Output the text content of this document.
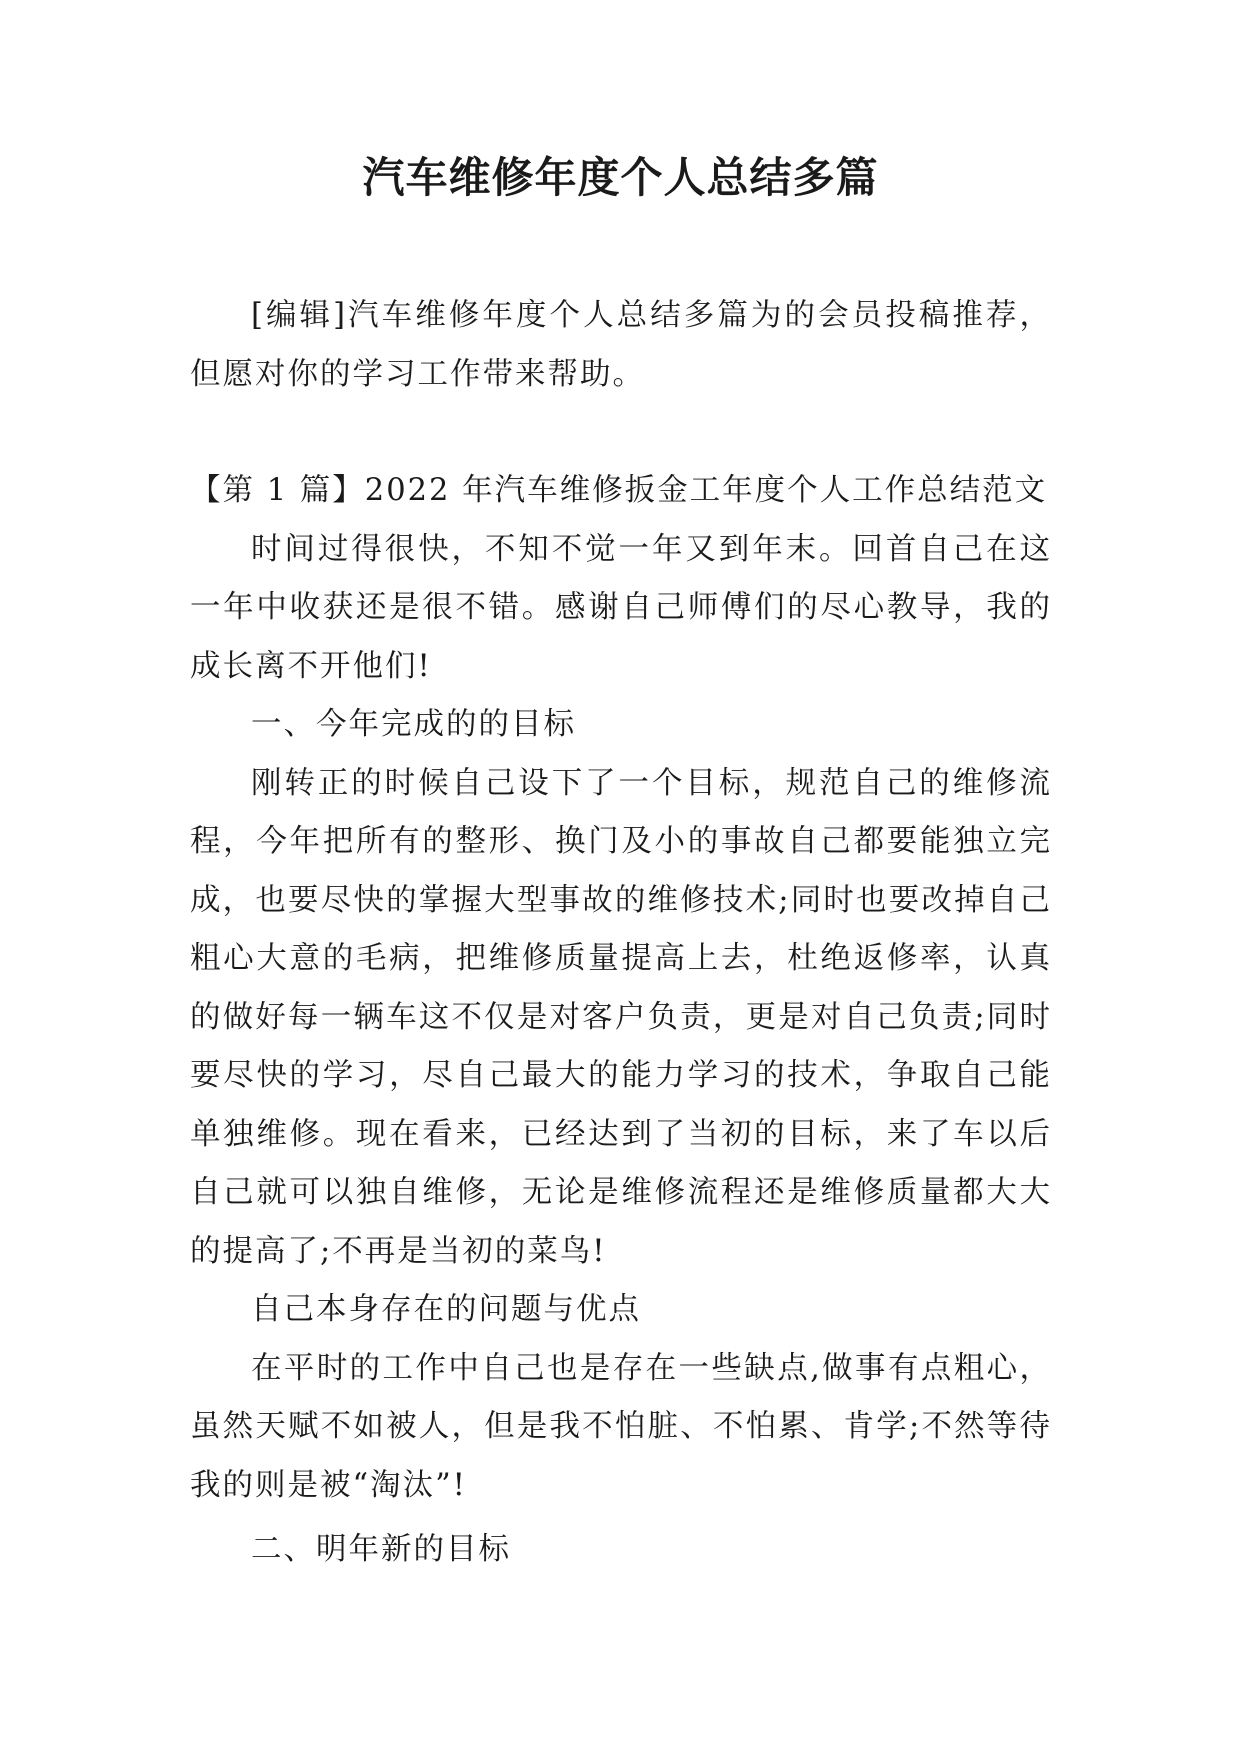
汽车维修年度个人总结多篇

[编辑]汽车维修年度个人总结多篇为的会员投稿推荐，但愿对你的学习工作带来帮助。

【第 1 篇】2022 年汽车维修扳金工年度个人工作总结范文

时间过得很快，不知不觉一年又到年末。回首自己在这一年中收获还是很不错。感谢自己师傅们的尽心教导，我的成长离不开他们!

一、今年完成的的目标

刚转正的时候自己设下了一个目标，规范自己的维修流程，今年把所有的整形、换门及小的事故自己都要能独立完成，也要尽快的掌握大型事故的维修技术;同时也要改掉自己粗心大意的毛病，把维修质量提高上去，杜绝返修率，认真的做好每一辆车这不仅是对客户负责，更是对自己负责;同时要尽快的学习，尽自己最大的能力学习的技术，争取自己能单独维修。现在看来，已经达到了当初的目标，来了车以后自己就可以独自维修，无论是维修流程还是维修质量都大大的提高了;不再是当初的菜鸟!

自己本身存在的问题与优点

在平时的工作中自己也是存在一些缺点,做事有点粗心，虽然天赋不如被人，但是我不怕脏、不怕累、肯学;不然等待我的则是被“淘汰”!

二、明年新的目标
